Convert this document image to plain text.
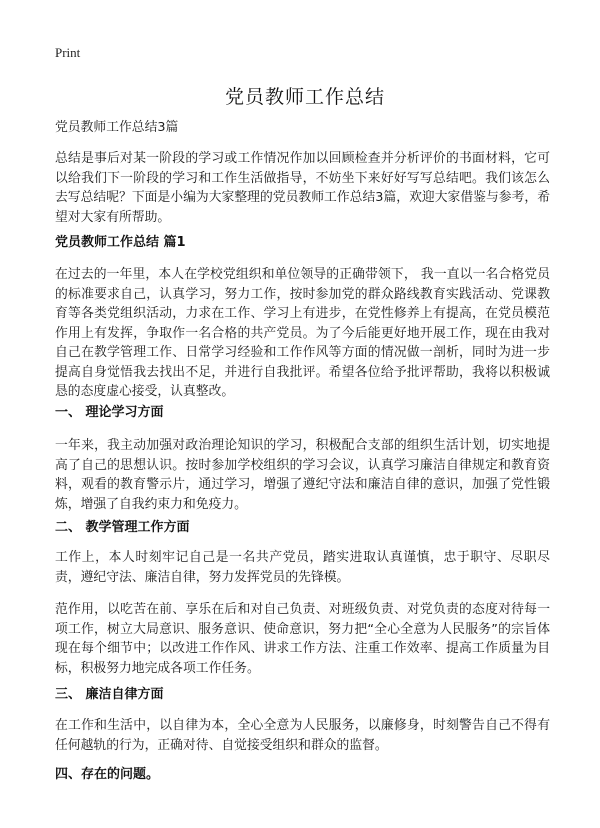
Print
党员教师工作总结

党员教师工作总结3篇

总结是事后对某一阶段的学习或工作情况作加以回顾检查并分析评价的书面材料，它可以给我们下一阶段的学习和工作生活做指导，不妨坐下来好好写写总结吧。我们该怎么去写总结呢？下面是小编为大家整理的党员教师工作总结3篇，欢迎大家借鉴与参考，希望对大家有所帮助。

党员教师工作总结 篇1

在过去的一年里，本人在学校党组织和单位领导的正确带领下， 我一直以一名合格党员的标准要求自己，认真学习，努力工作，按时参加党的群众路线教育实践活动、党课教育等各类党组织活动，力求在工作、学习上有进步，在党性修养上有提高，在党员模范作用上有发挥，争取作一名合格的共产党员。为了今后能更好地开展工作，现在由我对自己在教学管理工作、日常学习经验和工作作风等方面的情况做一剖析，同时为进一步提高自身觉悟我去找出不足，并进行自我批评。希望各位给予批评帮助，我将以积极诚恳的态度虚心接受，认真整改。

一、 理论学习方面

一年来，我主动加强对政治理论知识的学习，积极配合支部的组织生活计划，切实地提高了自己的思想认识。按时参加学校组织的学习会议，认真学习廉洁自律规定和教育资料，观看的教育警示片，通过学习，增强了遵纪守法和廉洁自律的意识，加强了党性锻炼，增强了自我约束力和免疫力。

二、 教学管理工作方面

工作上，本人时刻牢记自己是一名共产党员，踏实进取认真谨慎，忠于职守、尽职尽责，遵纪守法、廉洁自律，努力发挥党员的先锋模。

范作用，以吃苦在前、享乐在后和对自己负责、对班级负责、对党负责的态度对待每一项工作，树立大局意识、服务意识、使命意识，努力把“全心全意为人民服务”的宗旨体现在每个细节中；以改进工作作风、讲求工作方法、注重工作效率、提高工作质量为目标，积极努力地完成各项工作任务。

三、 廉洁自律方面

在工作和生活中，以自律为本，全心全意为人民服务，以廉修身，时刻警告自己不得有任何越轨的行为，正确对待、自觉接受组织和群众的监督。

四、存在的问题。
